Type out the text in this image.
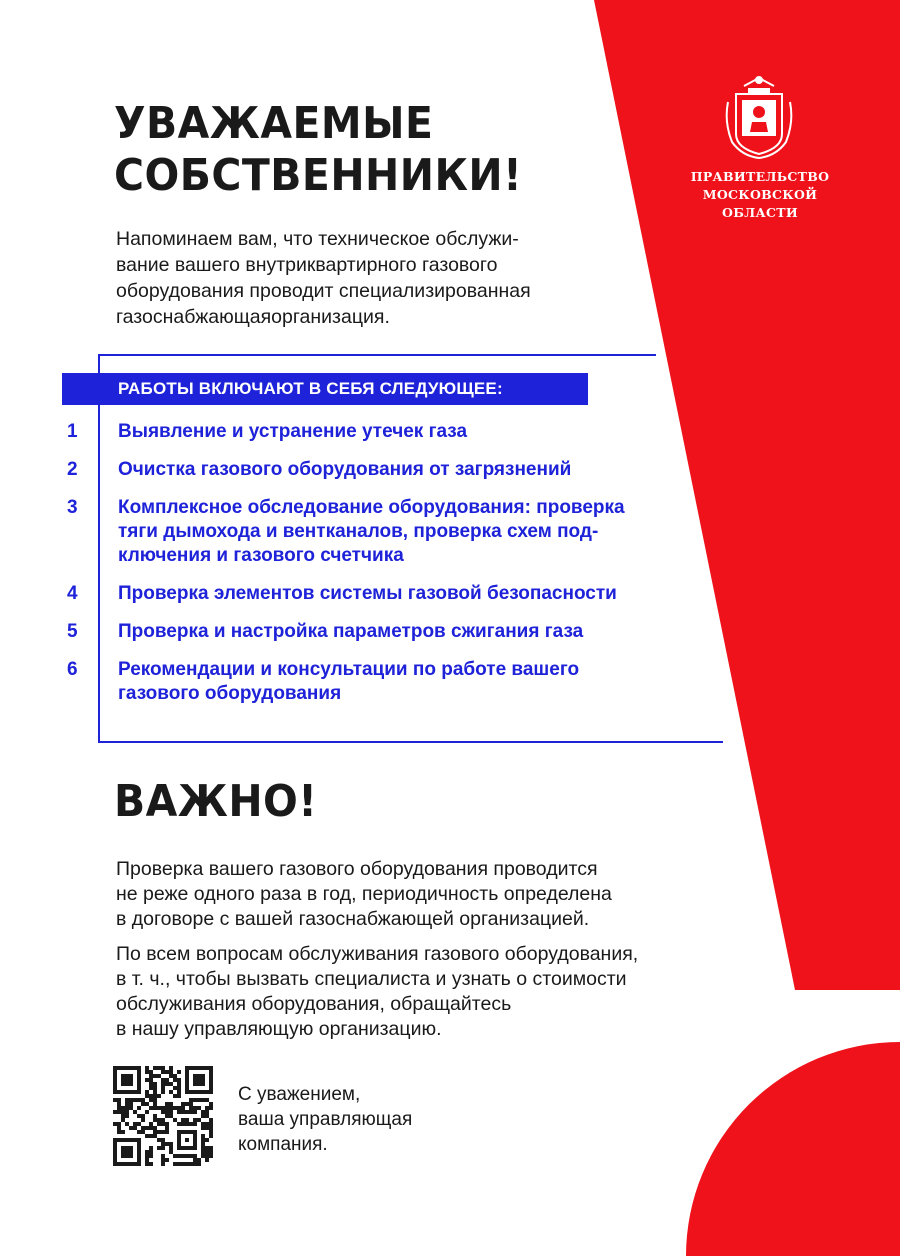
ПРАВИТЕЛЬСТВО
МОСКОВСКОЙ
ОБЛАСТИ
УВАЖАЕМЫЕ
СОБСТВЕННИКИ!
Напоминаем вам, что техническое обслужи-
вание вашего внутриквартирного газового
оборудования проводит специализированная
газоснабжающаяорганизация.
РАБОТЫ ВКЛЮЧАЮТ В СЕБЯ СЛЕДУЮЩЕЕ:
1	Выявление и устранение утечек газа
2	Очистка газового оборудования от загрязнений
3	Комплексное обследование оборудования: проверка
тяги дымохода и вентканалов, проверка схем под-
ключения и газового счетчика
4	Проверка элементов системы газовой безопасности
5	Проверка и настройка параметров сжигания газа
6	Рекомендации и консультации по работе вашего
газового оборудования
ВАЖНО!
Проверка вашего газового оборудования проводится
не реже одного раза в год, периодичность определена
в договоре с вашей газоснабжающей организацией.
По всем вопросам обслуживания газового оборудования,
в т. ч., чтобы вызвать специалиста и узнать о стоимости
обслуживания оборудования, обращайтесь
в нашу управляющую организацию.
С уважением,
ваша управляющая
компания.
